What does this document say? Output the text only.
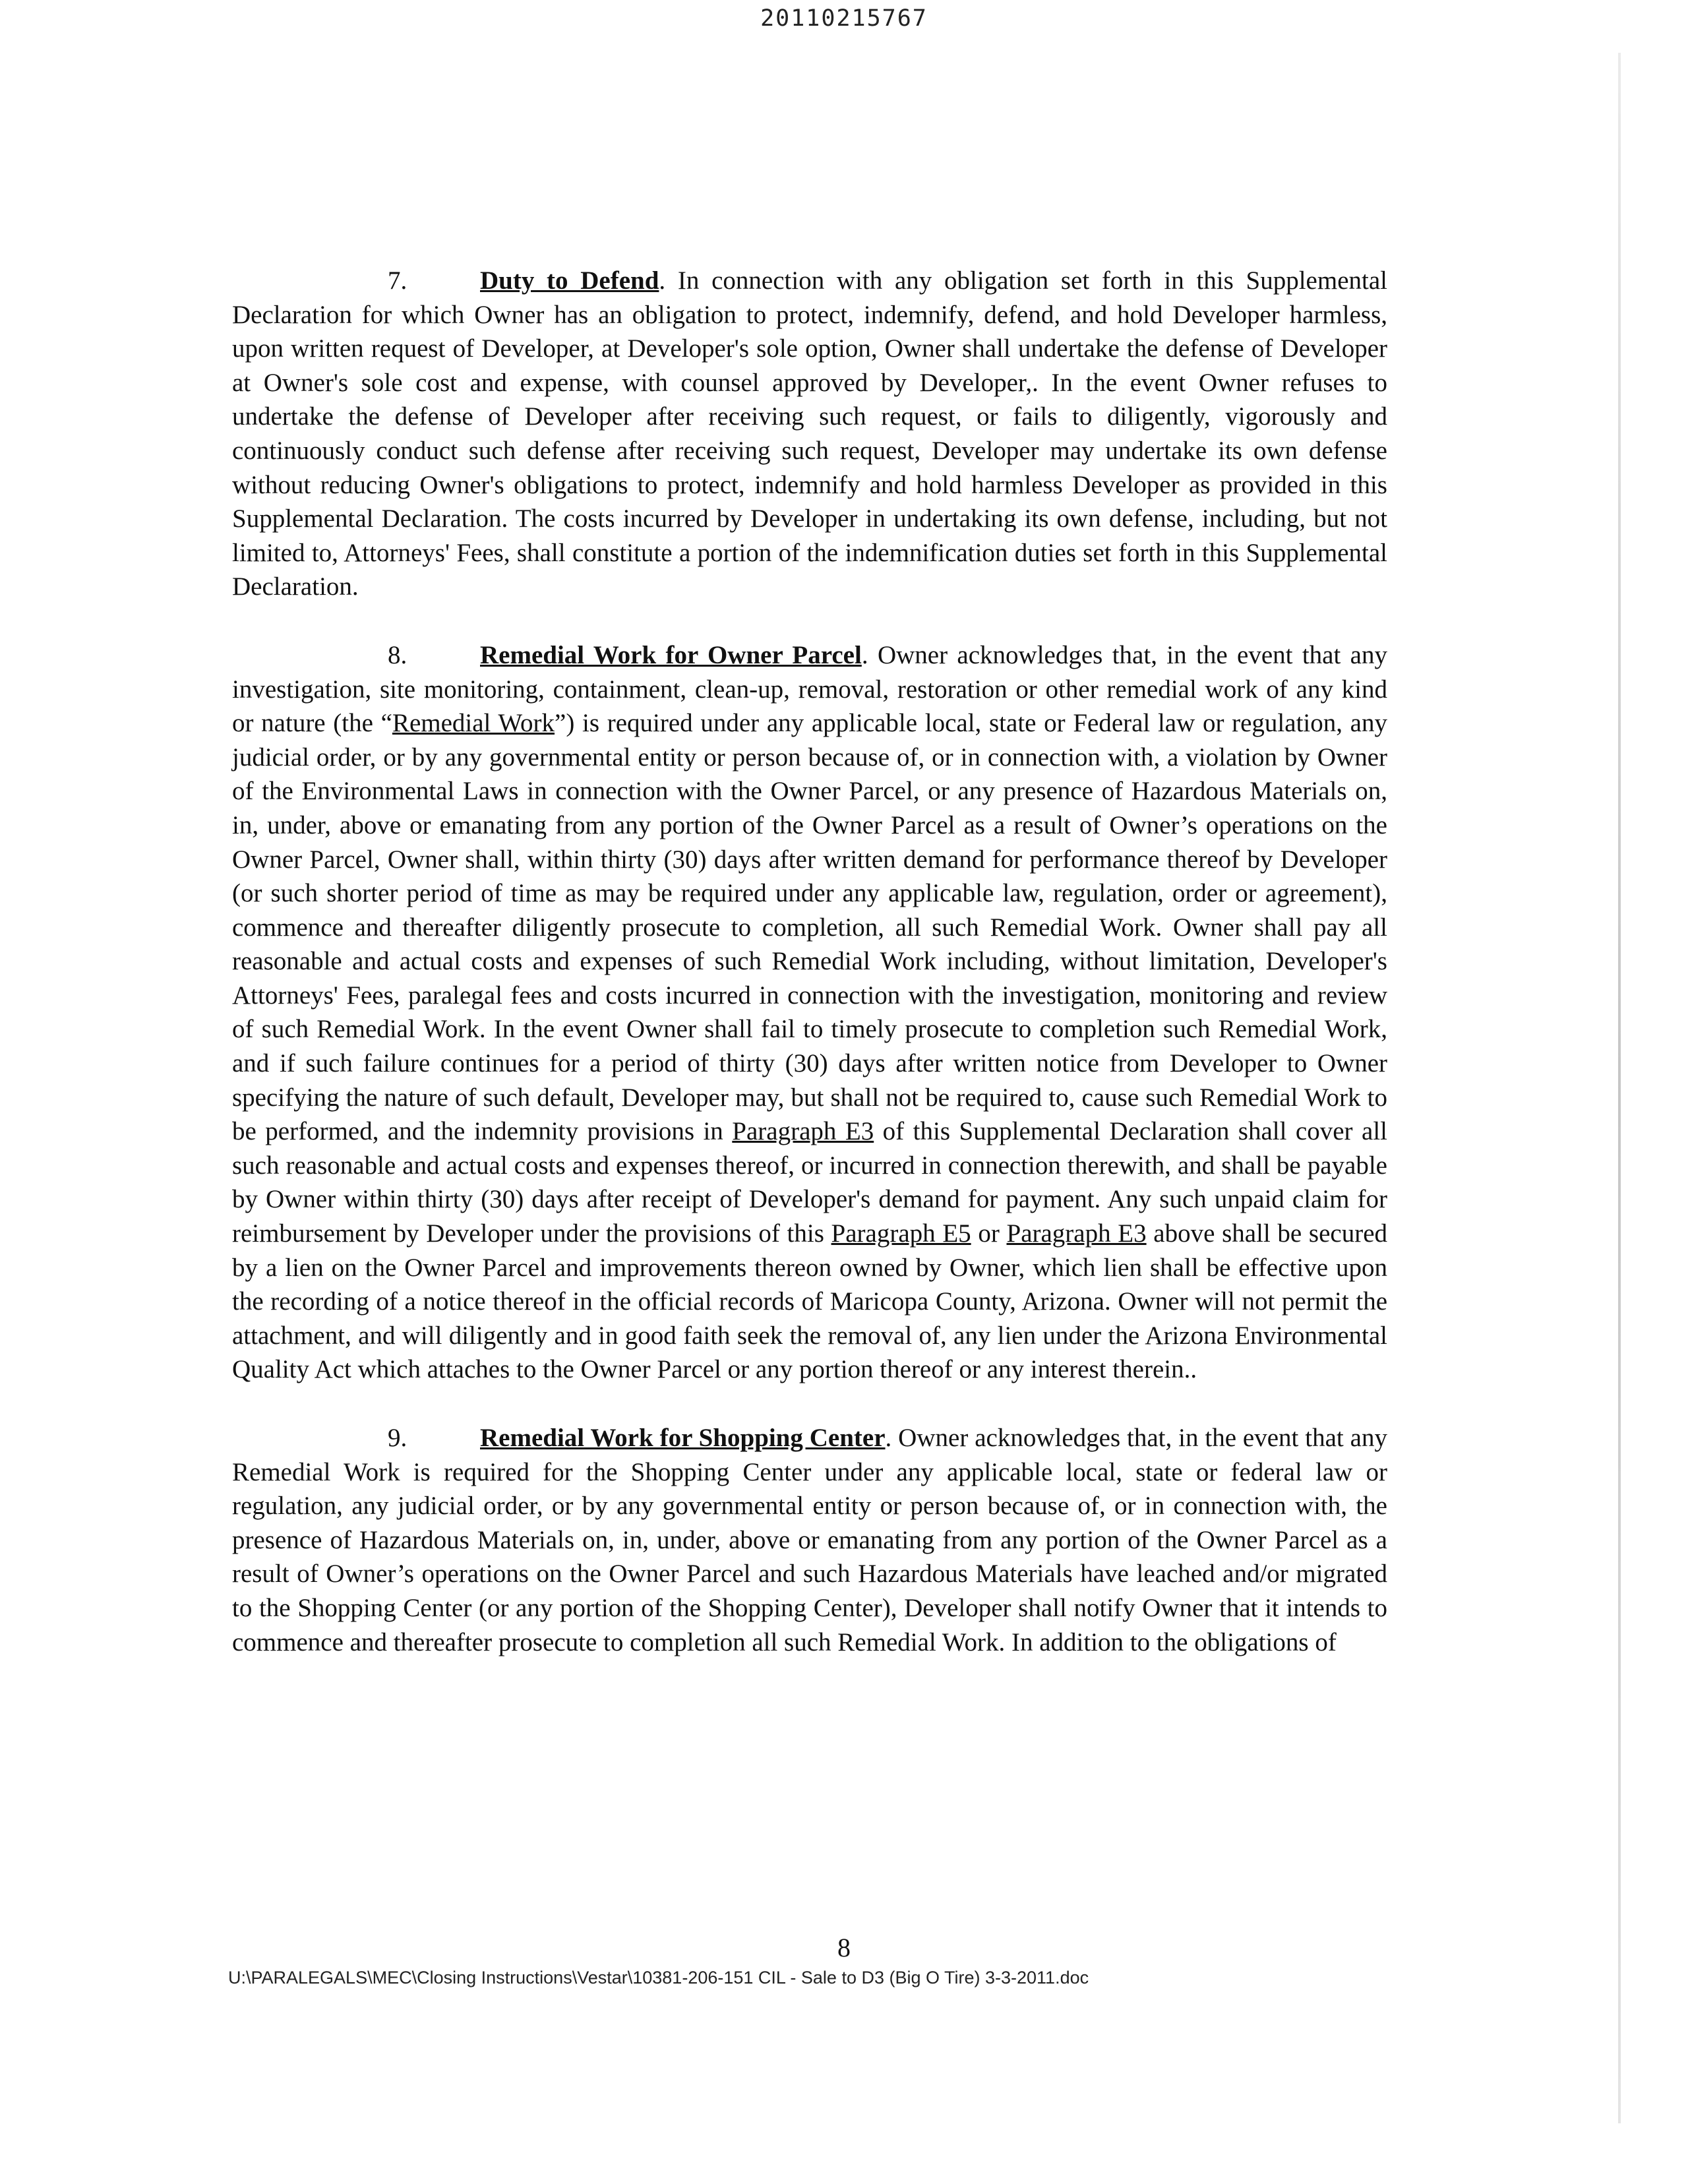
20110215767

7.	Duty to Defend. In connection with any obligation set forth in this Supplemental Declaration for which Owner has an obligation to protect, indemnify, defend, and hold Developer harmless, upon written request of Developer, at Developer's sole option, Owner shall undertake the defense of Developer at Owner's sole cost and expense, with counsel approved by Developer,. In the event Owner refuses to undertake the defense of Developer after receiving such request, or fails to diligently, vigorously and continuously conduct such defense after receiving such request, Developer may undertake its own defense without reducing Owner's obligations to protect, indemnify and hold harmless Developer as provided in this Supplemental Declaration. The costs incurred by Developer in undertaking its own defense, including, but not limited to, Attorneys' Fees, shall constitute a portion of the indemnification duties set forth in this Supplemental Declaration.

8.	Remedial Work for Owner Parcel. Owner acknowledges that, in the event that any investigation, site monitoring, containment, clean-up, removal, restoration or other remedial work of any kind or nature (the “Remedial Work”) is required under any applicable local, state or Federal law or regulation, any judicial order, or by any governmental entity or person because of, or in connection with, a violation by Owner of the Environmental Laws in connection with the Owner Parcel, or any presence of Hazardous Materials on, in, under, above or emanating from any portion of the Owner Parcel as a result of Owner’s operations on the Owner Parcel, Owner shall, within thirty (30) days after written demand for performance thereof by Developer (or such shorter period of time as may be required under any applicable law, regulation, order or agreement), commence and thereafter diligently prosecute to completion, all such Remedial Work. Owner shall pay all reasonable and actual costs and expenses of such Remedial Work including, without limitation, Developer's Attorneys' Fees, paralegal fees and costs incurred in connection with the investigation, monitoring and review of such Remedial Work. In the event Owner shall fail to timely prosecute to completion such Remedial Work, and if such failure continues for a period of thirty (30) days after written notice from Developer to Owner specifying the nature of such default, Developer may, but shall not be required to, cause such Remedial Work to be performed, and the indemnity provisions in Paragraph E3 of this Supplemental Declaration shall cover all such reasonable and actual costs and expenses thereof, or incurred in connection therewith, and shall be payable by Owner within thirty (30) days after receipt of Developer's demand for payment. Any such unpaid claim for reimbursement by Developer under the provisions of this Paragraph E5 or Paragraph E3 above shall be secured by a lien on the Owner Parcel and improvements thereon owned by Owner, which lien shall be effective upon the recording of a notice thereof in the official records of Maricopa County, Arizona. Owner will not permit the attachment, and will diligently and in good faith seek the removal of, any lien under the Arizona Environmental Quality Act which attaches to the Owner Parcel or any portion thereof or any interest therein..

9.	Remedial Work for Shopping Center. Owner acknowledges that, in the event that any Remedial Work is required for the Shopping Center under any applicable local, state or federal law or regulation, any judicial order, or by any governmental entity or person because of, or in connection with, the presence of Hazardous Materials on, in, under, above or emanating from any portion of the Owner Parcel as a result of Owner’s operations on the Owner Parcel and such Hazardous Materials have leached and/or migrated to the Shopping Center (or any portion of the Shopping Center), Developer shall notify Owner that it intends to commence and thereafter prosecute to completion all such Remedial Work. In addition to the obligations of

8
U:\PARALEGALS\MEC\Closing Instructions\Vestar\10381-206-151 CIL - Sale to D3 (Big O Tire) 3-3-2011.doc
